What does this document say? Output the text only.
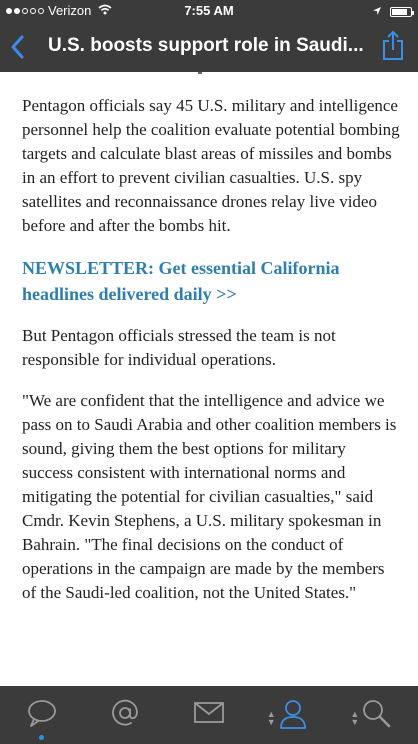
Verizon	7:55 AM
U.S. boosts support role in Saudi...

Pentagon officials say 45 U.S. military and intelligence personnel help the coalition evaluate potential bombing targets and calculate blast areas of missiles and bombs in an effort to prevent civilian casualties. U.S. spy satellites and reconnaissance drones relay live video before and after the bombs hit.

NEWSLETTER: Get essential California headlines delivered daily >>

But Pentagon officials stressed the team is not responsible for individual operations.

"We are confident that the intelligence and advice we pass on to Saudi Arabia and other coalition members is sound, giving them the best options for military success consistent with international norms and mitigating the potential for civilian casualties," said Cmdr. Kevin Stephens, a U.S. military spokesman in Bahrain. "The final decisions on the conduct of operations in the campaign are made by the members of the Saudi-led coalition, not the United States."

▲
▼
▲
▼
